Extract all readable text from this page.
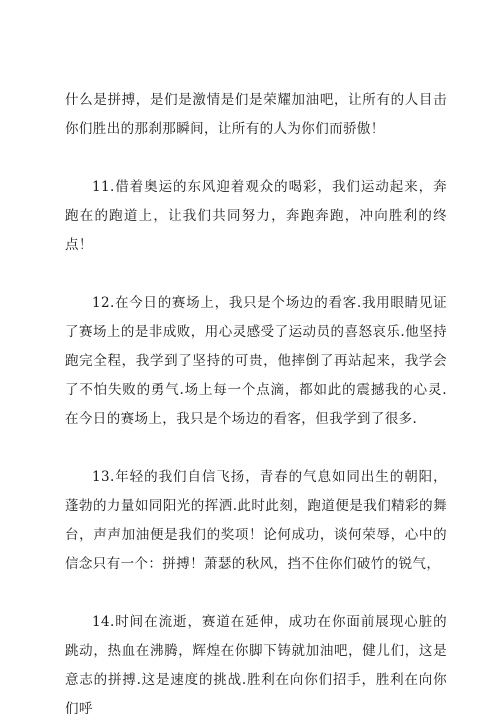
什么是拼搏，是们是激情是们是荣耀加油吧，让所有的人目击你们胜出的那刹那瞬间，让所有的人为你们而骄傲！

11.借着奥运的东风迎着观众的喝彩，我们运动起来，奔跑在的跑道上，让我们共同努力，奔跑奔跑，冲向胜利的终点！

12.在今日的赛场上，我只是个场边的看客.我用眼睛见证了赛场上的是非成败，用心灵感受了运动员的喜怒哀乐.他坚持跑完全程，我学到了坚持的可贵，他摔倒了再站起来，我学会了不怕失败的勇气.场上每一个点滴，都如此的震撼我的心灵.在今日的赛场上，我只是个场边的看客，但我学到了很多.

13.年轻的我们自信飞扬，青春的气息如同出生的朝阳，蓬勃的力量如同阳光的挥洒.此时此刻，跑道便是我们精彩的舞台，声声加油便是我们的奖项！论何成功，谈何荣辱，心中的信念只有一个：拼搏！萧瑟的秋风，挡不住你们破竹的锐气，

14.时间在流逝，赛道在延伸，成功在你面前展现心脏的跳动，热血在沸腾，辉煌在你脚下铸就加油吧，健儿们，这是意志的拼搏.这是速度的挑战.胜利在向你们招手，胜利在向你们呼
